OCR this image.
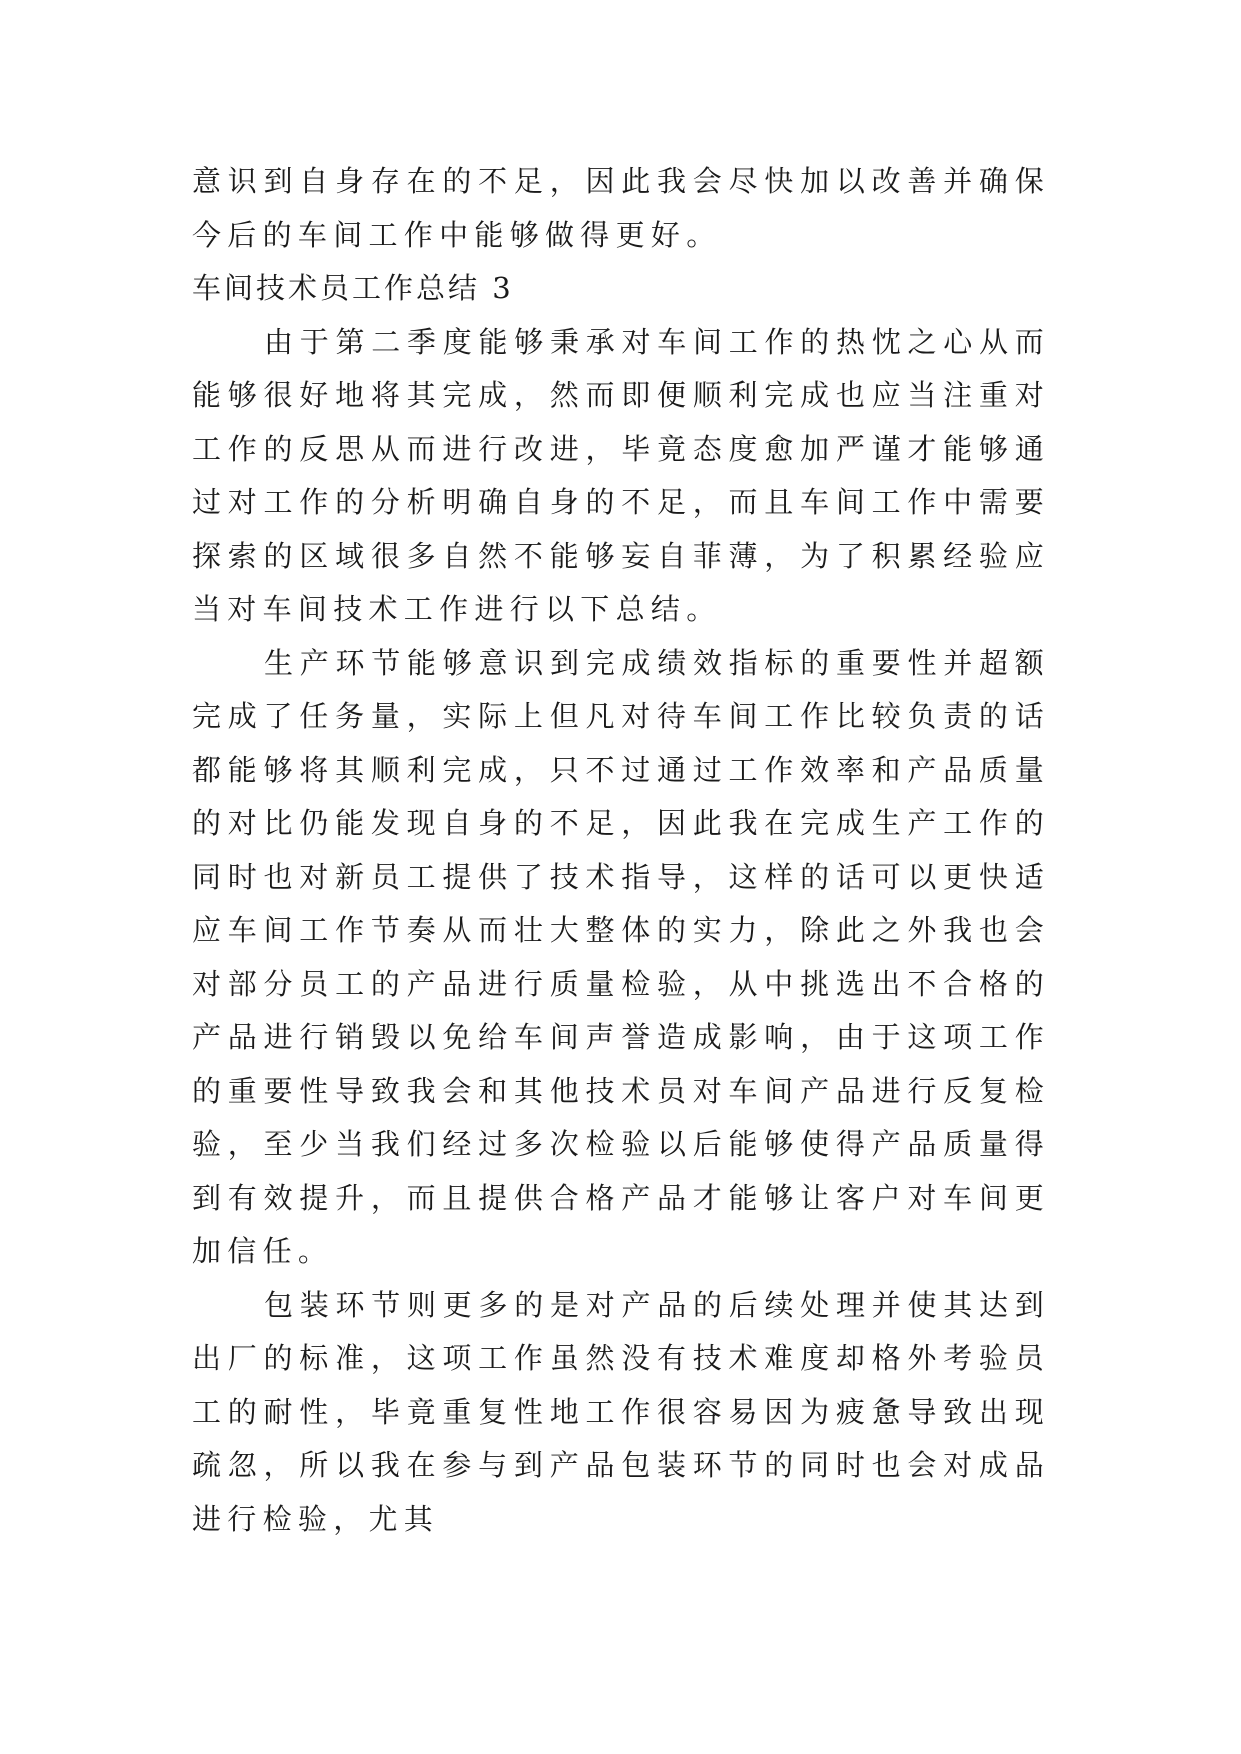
意识到自身存在的不足，因此我会尽快加以改善并确保今后的车间工作中能够做得更好。

车间技术员工作总结 3

由于第二季度能够秉承对车间工作的热忱之心从而能够很好地将其完成，然而即便顺利完成也应当注重对工作的反思从而进行改进，毕竟态度愈加严谨才能够通过对工作的分析明确自身的不足，而且车间工作中需要探索的区域很多自然不能够妄自菲薄，为了积累经验应当对车间技术工作进行以下总结。

生产环节能够意识到完成绩效指标的重要性并超额完成了任务量，实际上但凡对待车间工作比较负责的话都能够将其顺利完成，只不过通过工作效率和产品质量的对比仍能发现自身的不足，因此我在完成生产工作的同时也对新员工提供了技术指导，这样的话可以更快适应车间工作节奏从而壮大整体的实力，除此之外我也会对部分员工的产品进行质量检验，从中挑选出不合格的产品进行销毁以免给车间声誉造成影响，由于这项工作的重要性导致我会和其他技术员对车间产品进行反复检验，至少当我们经过多次检验以后能够使得产品质量得到有效提升，而且提供合格产品才能够让客户对车间更加信任。

包装环节则更多的是对产品的后续处理并使其达到出厂的标准，这项工作虽然没有技术难度却格外考验员工的耐性，毕竟重复性地工作很容易因为疲惫导致出现疏忽，所以我在参与到产品包装环节的同时也会对成品进行检验，尤其
